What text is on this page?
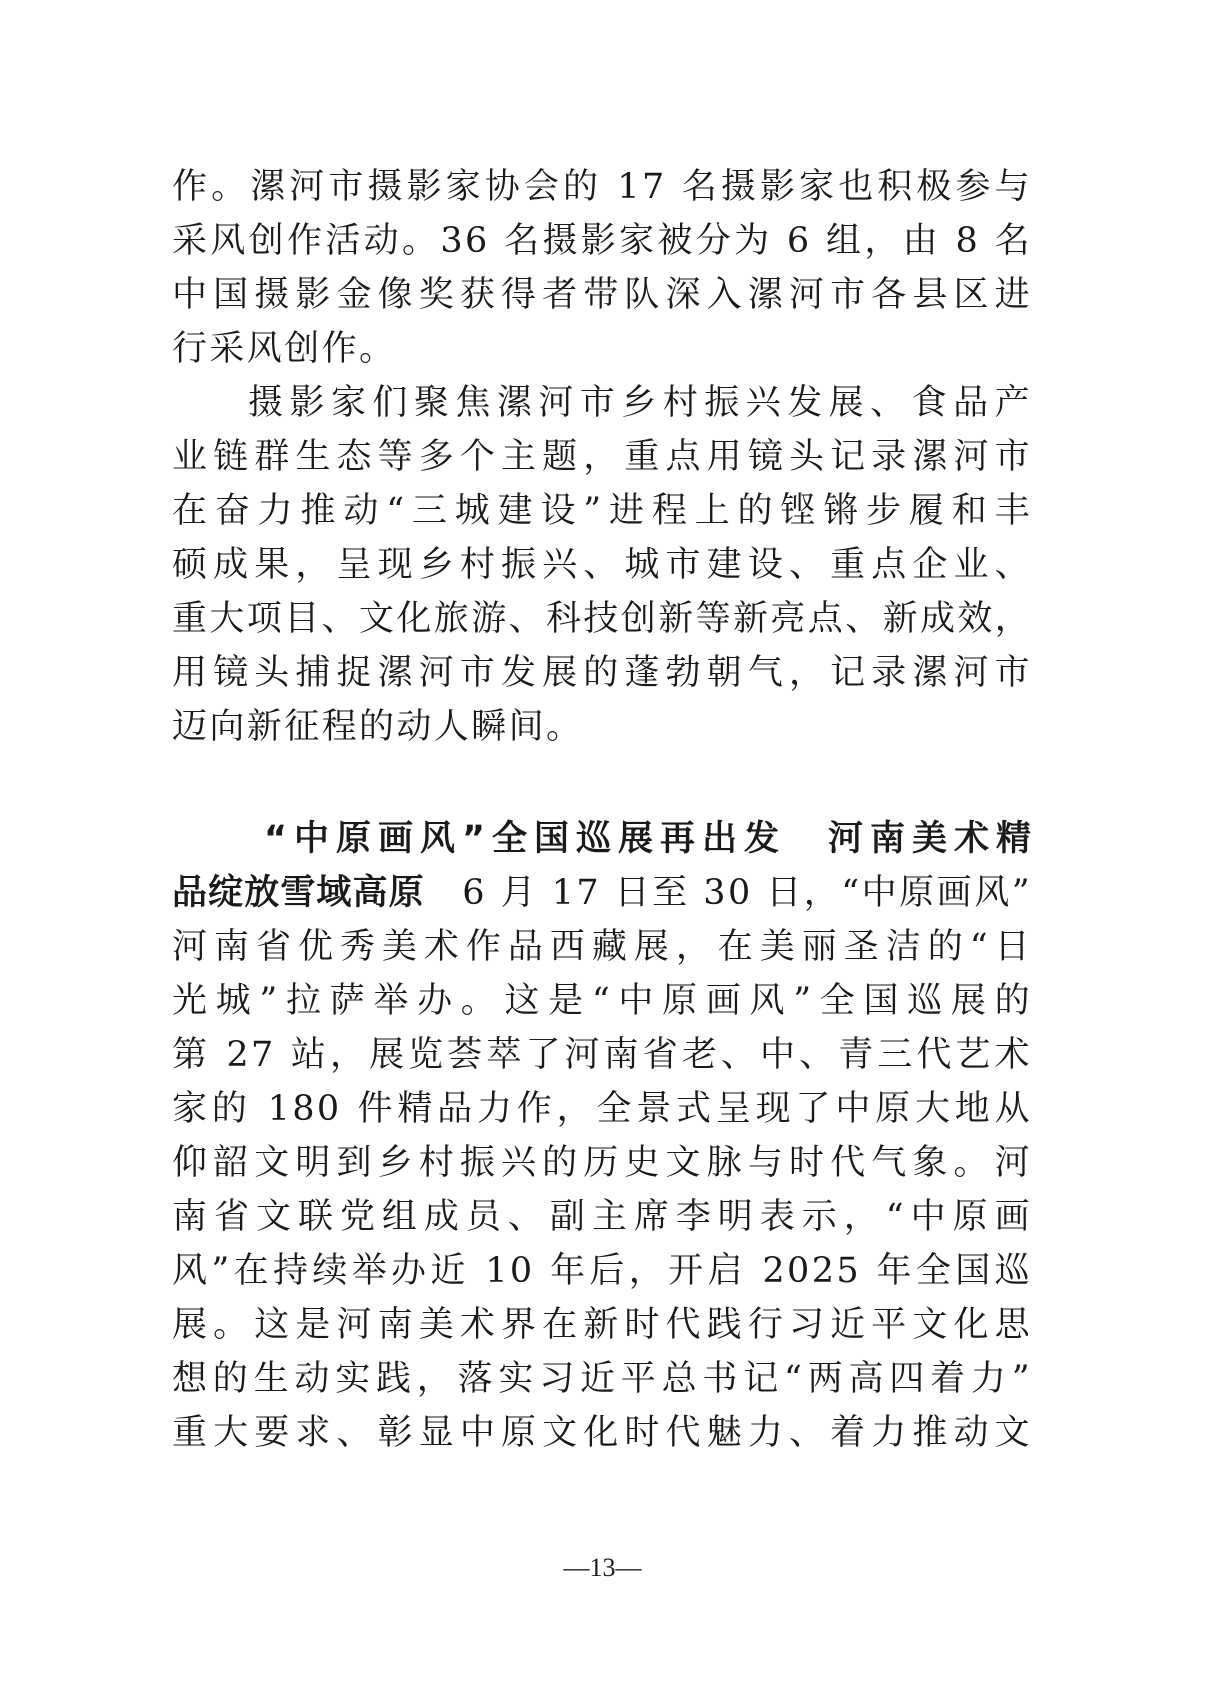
作。漯河市摄影家协会的 17 名摄影家也积极参与
采风创作活动。36 名摄影家被分为 6 组，由 8 名
中国摄影金像奖获得者带队深入漯河市各县区进
行采风创作。
摄影家们聚焦漯河市乡村振兴发展、食品产
业链群生态等多个主题，重点用镜头记录漯河市
在奋力推动“三城建设”进程上的铿锵步履和丰
硕成果，呈现乡村振兴、城市建设、重点企业、
重大项目、文化旅游、科技创新等新亮点、新成效，
用镜头捕捉漯河市发展的蓬勃朝气，记录漯河市
迈向新征程的动人瞬间。
“中原画风”全国巡展再出发　河南美术精
品绽放雪域高原　6 月 17 日至 30 日，“中原画风”
河南省优秀美术作品西藏展，在美丽圣洁的“日
光城”拉萨举办。这是“中原画风”全国巡展的
第 27 站，展览荟萃了河南省老、中、青三代艺术
家的 180 件精品力作，全景式呈现了中原大地从
仰韶文明到乡村振兴的历史文脉与时代气象。河
南省文联党组成员、副主席李明表示，“中原画
风”在持续举办近 10 年后，开启 2025 年全国巡
展。这是河南美术界在新时代践行习近平文化思
想的生动实践，落实习近平总书记“两高四着力”
重大要求、彰显中原文化时代魅力、着力推动文
—13—
